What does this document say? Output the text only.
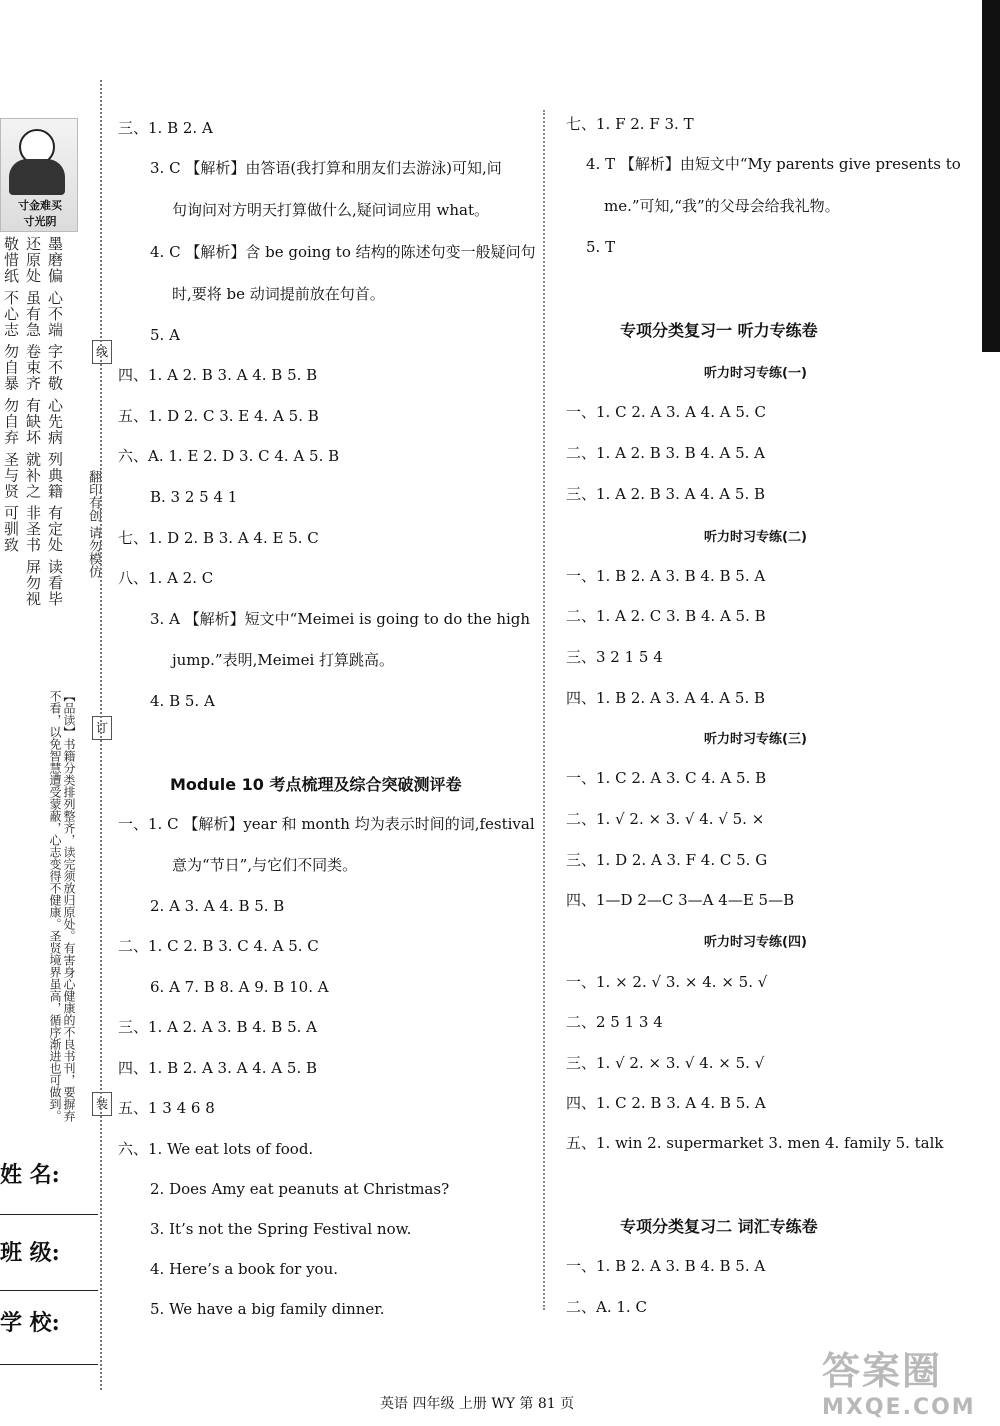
寸金难买
寸光阴
敬惜纸 不心志 勿自暴 勿自弃 圣与贤 可驯致 还原处 虽有急 卷束齐 有缺坏 就补之 非圣书 屏勿视 墨磨偏 心不端 字不敬 心先病 列典籍 有定处 读看毕 翻印有创 请勿模仿
【品读】书籍分类排列整齐，读完须放归原处。有害身心健康的不良书刊，要摒弃不看，以免智慧遭受蒙蔽，心志变得不健康。圣贤境界虽高，循序渐进也可做到。
线
订
装
姓 名:
班 级:
学 校:
三、1. B 2. A
3. C 【解析】由答语(我打算和朋友们去游泳)可知,问
句询问对方明天打算做什么,疑问词应用 what。
4. C 【解析】含 be going to 结构的陈述句变一般疑问句
时,要将 be 动词提前放在句首。
5. A
四、1. A 2. B 3. A 4. B 5. B
五、1. D 2. C 3. E 4. A 5. B
六、A. 1. E 2. D 3. C 4. A 5. B
B. 3 2 5 4 1
七、1. D 2. B 3. A 4. E 5. C
八、1. A 2. C
3. A 【解析】短文中“Meimei is going to do the high
jump.”表明,Meimei 打算跳高。
4. B 5. A
Module 10 考点梳理及综合突破测评卷
一、1. C 【解析】year 和 month 均为表示时间的词,festival
意为“节日”,与它们不同类。
2. A 3. A 4. B 5. B
二、1. C 2. B 3. C 4. A 5. C
6. A 7. B 8. A 9. B 10. A
三、1. A 2. A 3. B 4. B 5. A
四、1. B 2. A 3. A 4. A 5. B
五、1 3 4 6 8
六、1. We eat lots of food.
2. Does Amy eat peanuts at Christmas?
3. It’s not the Spring Festival now.
4. Here’s a book for you.
5. We have a big family dinner.
七、1. F 2. F 3. T
4. T 【解析】由短文中“My parents give presents to
me.”可知,“我”的父母会给我礼物。
5. T
专项分类复习一 听力专练卷
听力时习专练(一)
一、1. C 2. A 3. A 4. A 5. C
二、1. A 2. B 3. B 4. A 5. A
三、1. A 2. B 3. A 4. A 5. B
听力时习专练(二)
一、1. B 2. A 3. B 4. B 5. A
二、1. A 2. C 3. B 4. A 5. B
三、3 2 1 5 4
四、1. B 2. A 3. A 4. A 5. B
听力时习专练(三)
一、1. C 2. A 3. C 4. A 5. B
二、1. √ 2. × 3. √ 4. √ 5. ×
三、1. D 2. A 3. F 4. C 5. G
四、1—D 2—C 3—A 4—E 5—B
听力时习专练(四)
一、1. × 2. √ 3. × 4. × 5. √
二、2 5 1 3 4
三、1. √ 2. × 3. √ 4. × 5. √
四、1. C 2. B 3. A 4. B 5. A
五、1. win 2. supermarket 3. men 4. family 5. talk
专项分类复习二 词汇专练卷
一、1. B 2. A 3. B 4. B 5. A
二、A. 1. C
英语 四年级 上册 WY 第 81 页
答案圈
MXQE.COM
